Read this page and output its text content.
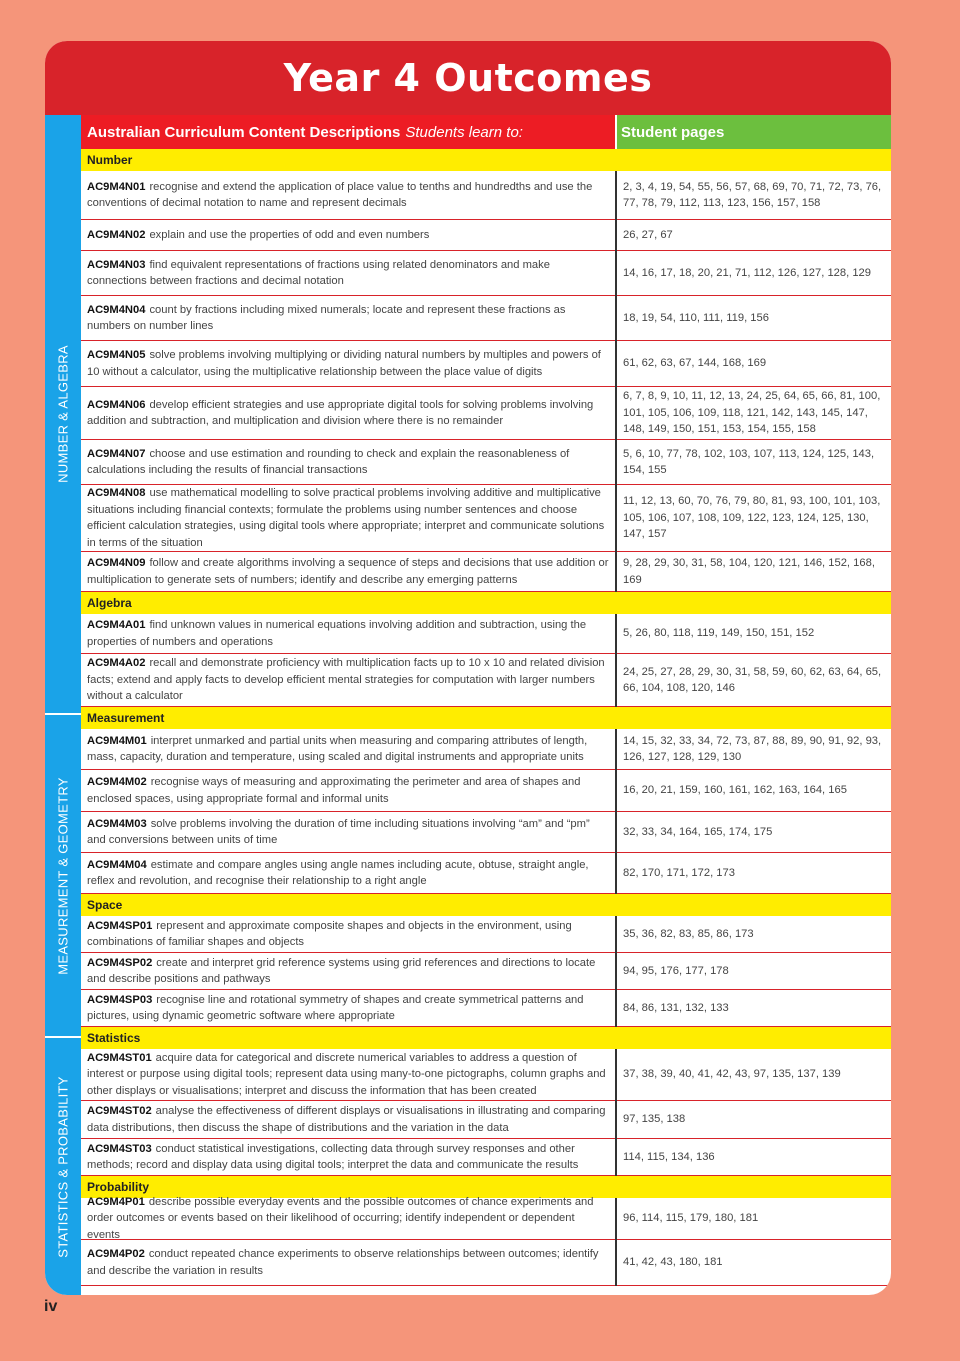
Year 4 Outcomes
NUMBER & ALGEBRA
MEASUREMENT & GEOMETRY
STATISTICS & PROBABILITY
Australian Curriculum Content Descriptions Students learn to:	Student pages
Number
AC9M4N01 recognise and extend the application of place value to tenths and hundredths and use the conventions of decimal notation to name and represent decimals
2, 3, 4, 19, 54, 55, 56, 57, 68, 69, 70, 71, 72, 73, 76, 77, 78, 79, 112, 113, 123, 156, 157, 158
AC9M4N02 explain and use the properties of odd and even numbers	26, 27, 67
AC9M4N03 find equivalent representations of fractions using related denominators and make connections between fractions and decimal notation
14, 16, 17, 18, 20, 21, 71, 112, 126, 127, 128, 129
AC9M4N04 count by fractions including mixed numerals; locate and represent these fractions as numbers on number lines
18, 19, 54, 110, 111, 119, 156
AC9M4N05 solve problems involving multiplying or dividing natural numbers by multiples and powers of 10 without a calculator, using the multiplicative relationship between the place value of digits
61, 62, 63, 67, 144, 168, 169
AC9M4N06 develop efficient strategies and use appropriate digital tools for solving problems involving addition and subtraction, and multiplication and division where there is no remainder
6, 7, 8, 9, 10, 11, 12, 13, 24, 25, 64, 65, 66, 81, 100, 101, 105, 106, 109, 118, 121, 142, 143, 145, 147, 148, 149, 150, 151, 153, 154, 155, 158
AC9M4N07 choose and use estimation and rounding to check and explain the reasonableness of calculations including the results of financial transactions
5, 6, 10, 77, 78, 102, 103, 107, 113, 124, 125, 143, 154, 155
AC9M4N08 use mathematical modelling to solve practical problems involving additive and multiplicative situations including financial contexts; formulate the problems using number sentences and choose efficient calculation strategies, using digital tools where appropriate; interpret and communicate solutions in terms of the situation
11, 12, 13, 60, 70, 76, 79, 80, 81, 93, 100, 101, 103, 105, 106, 107, 108, 109, 122, 123, 124, 125, 130, 147, 157
AC9M4N09 follow and create algorithms involving a sequence of steps and decisions that use addition or multiplication to generate sets of numbers; identify and describe any emerging patterns
9, 28, 29, 30, 31, 58, 104, 120, 121, 146, 152, 168, 169
Algebra
AC9M4A01 find unknown values in numerical equations involving addition and subtraction, using the properties of numbers and operations
5, 26, 80, 118, 119, 149, 150, 151, 152
AC9M4A02 recall and demonstrate proficiency with multiplication facts up to 10 x 10 and related division facts; extend and apply facts to develop efficient mental strategies for computation with larger numbers without a calculator
24, 25, 27, 28, 29, 30, 31, 58, 59, 60, 62, 63, 64, 65, 66, 104, 108, 120, 146
Measurement
AC9M4M01 interpret unmarked and partial units when measuring and comparing attributes of length, mass, capacity, duration and temperature, using scaled and digital instruments and appropriate units
14, 15, 32, 33, 34, 72, 73, 87, 88, 89, 90, 91, 92, 93, 126, 127, 128, 129, 130
AC9M4M02 recognise ways of measuring and approximating the perimeter and area of shapes and enclosed spaces, using appropriate formal and informal units
16, 20, 21, 159, 160, 161, 162, 163, 164, 165
AC9M4M03 solve problems involving the duration of time including situations involving “am” and “pm” and conversions between units of time
32, 33, 34, 164, 165, 174, 175
AC9M4M04 estimate and compare angles using angle names including acute, obtuse, straight angle, reflex and revolution, and recognise their relationship to a right angle
82, 170, 171, 172, 173
Space
AC9M4SP01 represent and approximate composite shapes and objects in the environment, using combinations of familiar shapes and objects
35, 36, 82, 83, 85, 86, 173
AC9M4SP02 create and interpret grid reference systems using grid references and directions to locate and describe positions and pathways
94, 95, 176, 177, 178
AC9M4SP03 recognise line and rotational symmetry of shapes and create symmetrical patterns and pictures, using dynamic geometric software where appropriate
84, 86, 131, 132, 133
Statistics
AC9M4ST01 acquire data for categorical and discrete numerical variables to address a question of interest or purpose using digital tools; represent data using many-to-one pictographs, column graphs and other displays or visualisations; interpret and discuss the information that has been created
37, 38, 39, 40, 41, 42, 43, 97, 135, 137, 139
AC9M4ST02 analyse the effectiveness of different displays or visualisations in illustrating and comparing data distributions, then discuss the shape of distributions and the variation in the data
97, 135, 138
AC9M4ST03 conduct statistical investigations, collecting data through survey responses and other methods; record and display data using digital tools; interpret the data and communicate the results
114, 115, 134, 136
Probability
AC9M4P01 describe possible everyday events and the possible outcomes of chance experiments and order outcomes or events based on their likelihood of occurring; identify independent or dependent events
96, 114, 115, 179, 180, 181
AC9M4P02 conduct repeated chance experiments to observe relationships between outcomes; identify and describe the variation in results
41, 42, 43, 180, 181
iv
